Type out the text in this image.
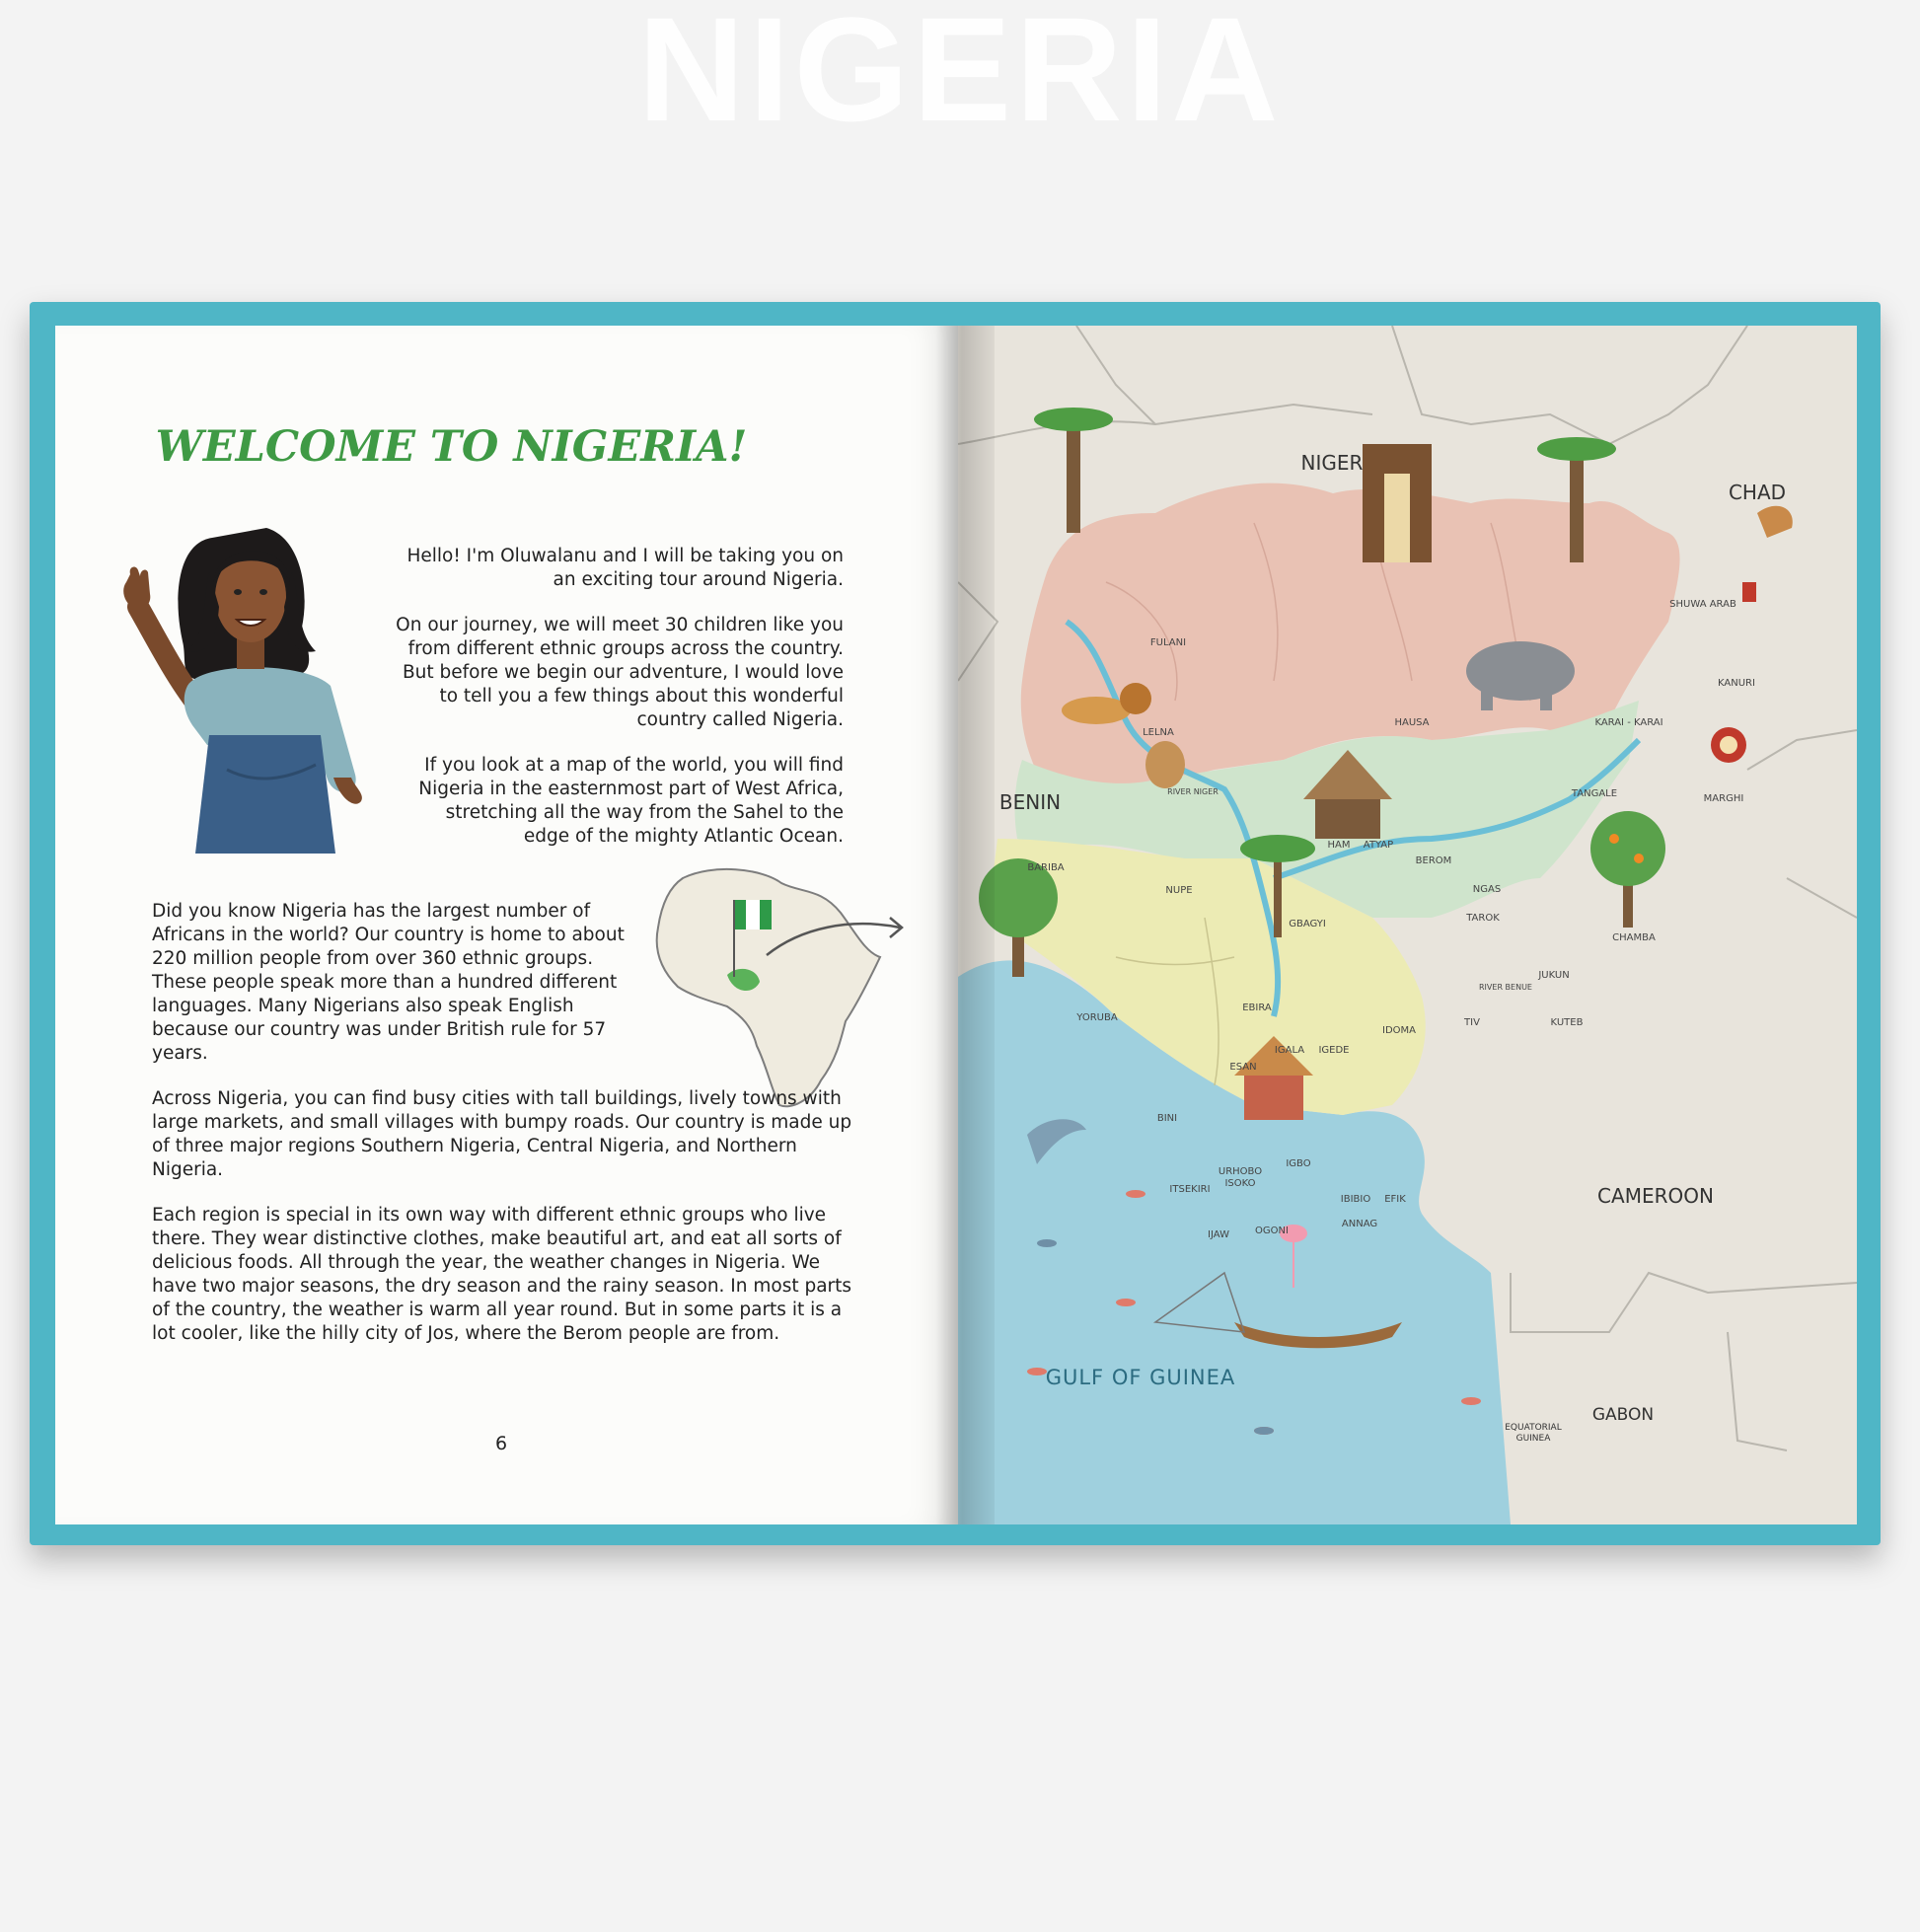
NIGERIA
WELCOME TO NIGERIA!

Hello! I'm Oluwalanu and I will be taking you on an exciting tour around Nigeria.

On our journey, we will meet 30 children like you from different ethnic groups across the country. But before we begin our adventure, I would love to tell you a few things about this wonderful country called Nigeria.

If you look at a map of the world, you will find Nigeria in the easternmost part of West Africa, stretching all the way from the Sahel to the edge of the mighty Atlantic Ocean.

Did you know Nigeria has the largest number of Africans in the world? Our country is home to about 220 million people from over 360 ethnic groups. These people speak more than a hundred different languages. Many Nigerians also speak English because our country was under British rule for 57 years.

Across Nigeria, you can find busy cities with tall buildings, lively towns with large markets, and small villages with bumpy roads. Our country is made up of three major regions Southern Nigeria, Central Nigeria, and Northern Nigeria.

Each region is special in its own way with different ethnic groups who live there. They wear distinctive clothes, make beautiful art, and eat all sorts of delicious foods. All through the year, the weather changes in Nigeria. We have two major seasons, the dry season and the rainy season. In most parts of the country, the weather is warm all year round. But in some parts it is a lot cooler, like the hilly city of Jos, where the Berom people are from.

6
NIGER
CHAD
BENIN
CAMEROON
GABON
EQUATORIAL
GUINEA
GULF OF GUINEA
RIVER NIGER
RIVER BENUE
FULANI
SHUWA ARAB
KANURI
HAUSA	KARAI - KARAI
LELNA
TANGALE	MARGHI
BARIBA
HAM ATYAP
BEROM
NUPE	NGAS
TAROK
GBAGYI
CHAMBA
JUKUN
YORUBA
EBIRA
IDOMA
TIV	KUTEB
ESAN
IGALA IGEDE
BINI
URHOBO
ISOKO
IGBO
ITSEKIRI
IBIBIO EFIK
IJAW	OGONI
ANNAG
